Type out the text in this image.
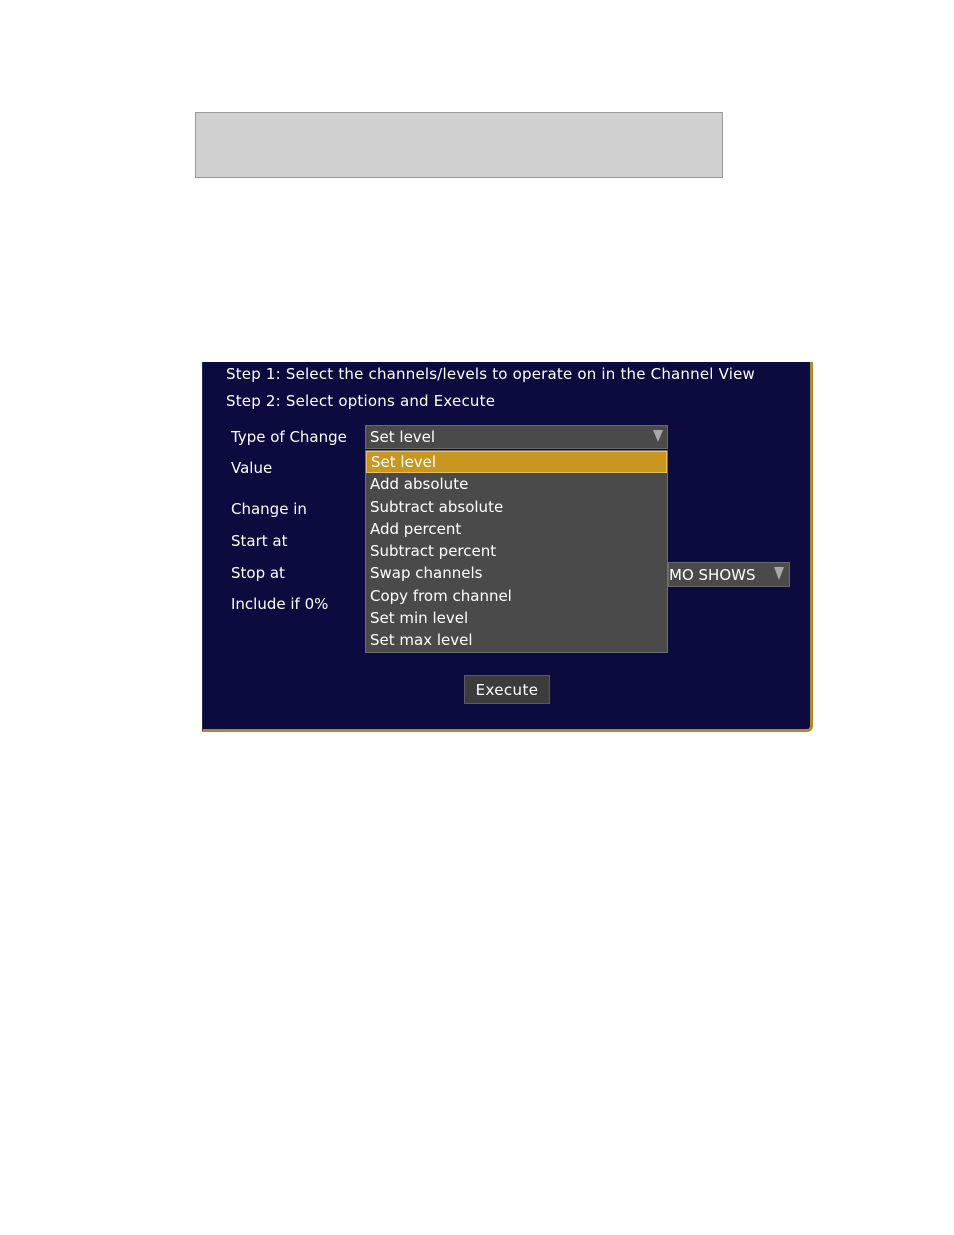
Step 1: Select the channels/levels to operate on in the Channel View
Step 2: Select options and Execute
Type of Change
Value
Change in
Start at
Stop at
Include if 0%
MO SHOWS
Set level
Set level
Add absolute
Subtract absolute
Add percent
Subtract percent
Swap channels
Copy from channel
Set min level
Set max level
Execute
